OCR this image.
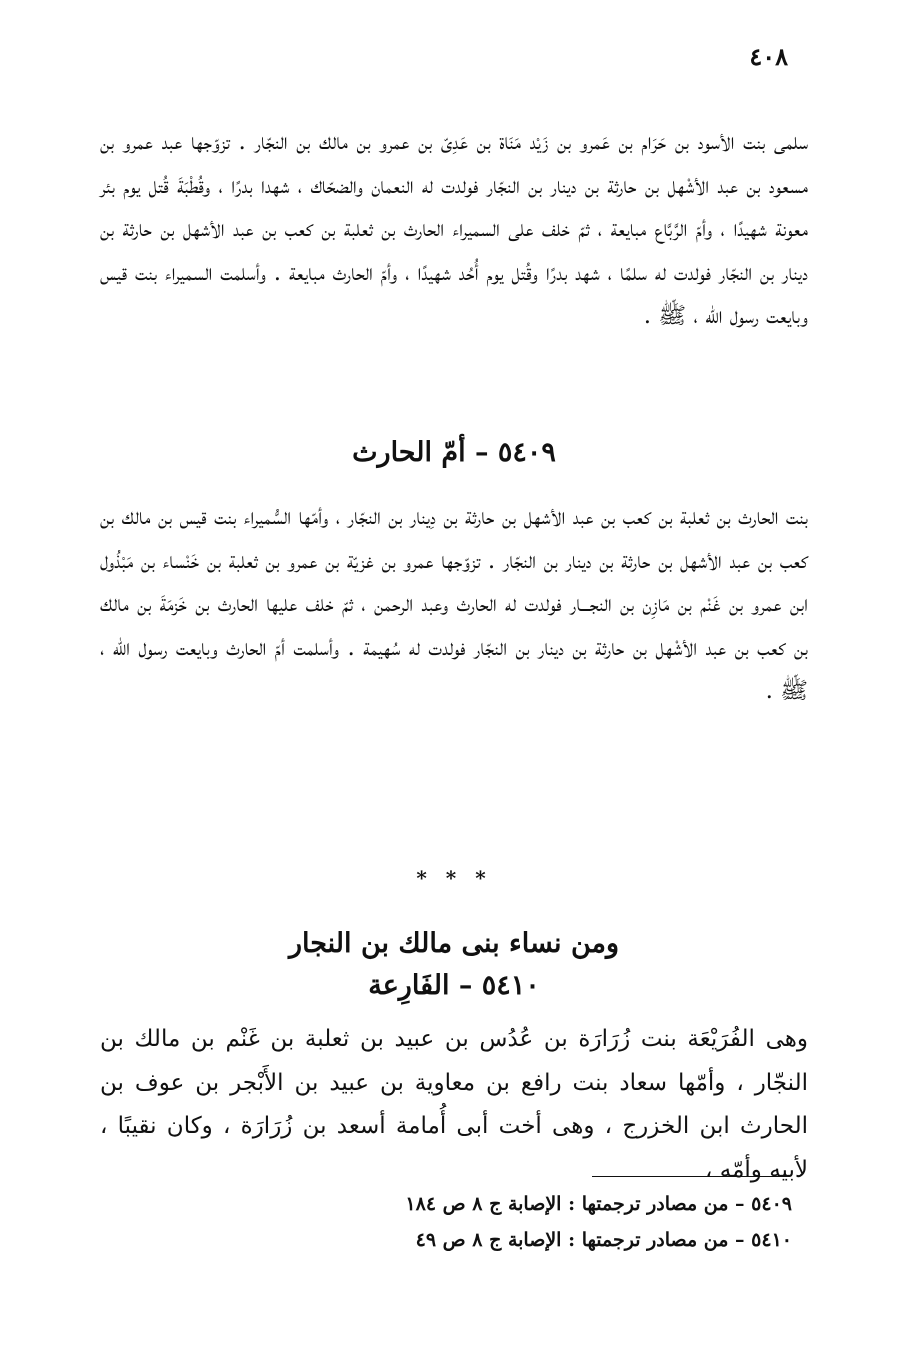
٤٠٨

سلمى بنت الأسود بن حَرَام بن عَمرو بن زَيْد مَنَاة بن عَدِىّ بن عمرو بن مالك بن النجّار . تزوّجها عبد عمرو بن مسعود بن عبد الأشْهل بن حارثة بن دينار بن النجّار فولدت له النعمان والضحّاك ، شهدا بدرًا ، وقُطْبَةَ قُتل يوم بئر معونة شهيدًا ، وأمّ الرَّبَّاع مبايعة ، ثمّ خلف على السميراء الحارث بن ثعلبة بن كعب بن عبد الأشهل بن حارثة بن دينار بن النجّار فولدت له سلمًا ، شهد بدرًا وقُتل يوم أُحُد شهيدًا ، وأمّ الحارث مبايعة . وأسلمت السميراء بنت قيس وبايعت رسول الله ، ﷺ .

٥٤٠٩ – أمّ الحارث

بنت الحارث بن ثعلبة بن كعب بن عبد الأشهل بن حارثة بن دِينار بن النجّار ، وأمّها السُّميراء بنت قيس بن مالك بن كعب بن عبد الأشهل بن حارثة بن دينار بن النجّار . تزوّجها عمرو بن غزيّة بن عمرو بن ثعلبة بن خَنْساء بن مَبْذُول ابن عمرو بن غَنْم بن مَازِن بن النجـــار فولدت له الحارث وعبد الرحمن ، ثمّ خلف عليها الحارث بن خَزمَةَ بن مالك بن كعب بن عبد الأشْهل بن حارثة بن دينار بن النجّار فولدت له سُهيمة . وأسلمت أمّ الحارث وبايعت رسول الله ، ﷺ .

* * *
ومن نساء بنى مالك بن النجار
٥٤١٠ – الفَارِعة

وهى الفُرَيْعَة بنت زُرَارَة بن عُدُس بن عبيد بن ثعلبة بن غَنْم بن مالك بن النجّار ، وأمّها سعاد بنت رافع بن معاوية بن عبيد بن الأَبْجر بن عوف بن الحارث ابن الخزرج ، وهى أخت أبى أُمامة أسعد بن زُرَارَة ، وكان نقيبًا ، لأبيه وأمّه ،

٥٤٠٩ – من مصادر ترجمتها : الإصابة ج ٨ ص ١٨٤

٥٤١٠ – من مصادر ترجمتها : الإصابة ج ٨ ص ٤٩
